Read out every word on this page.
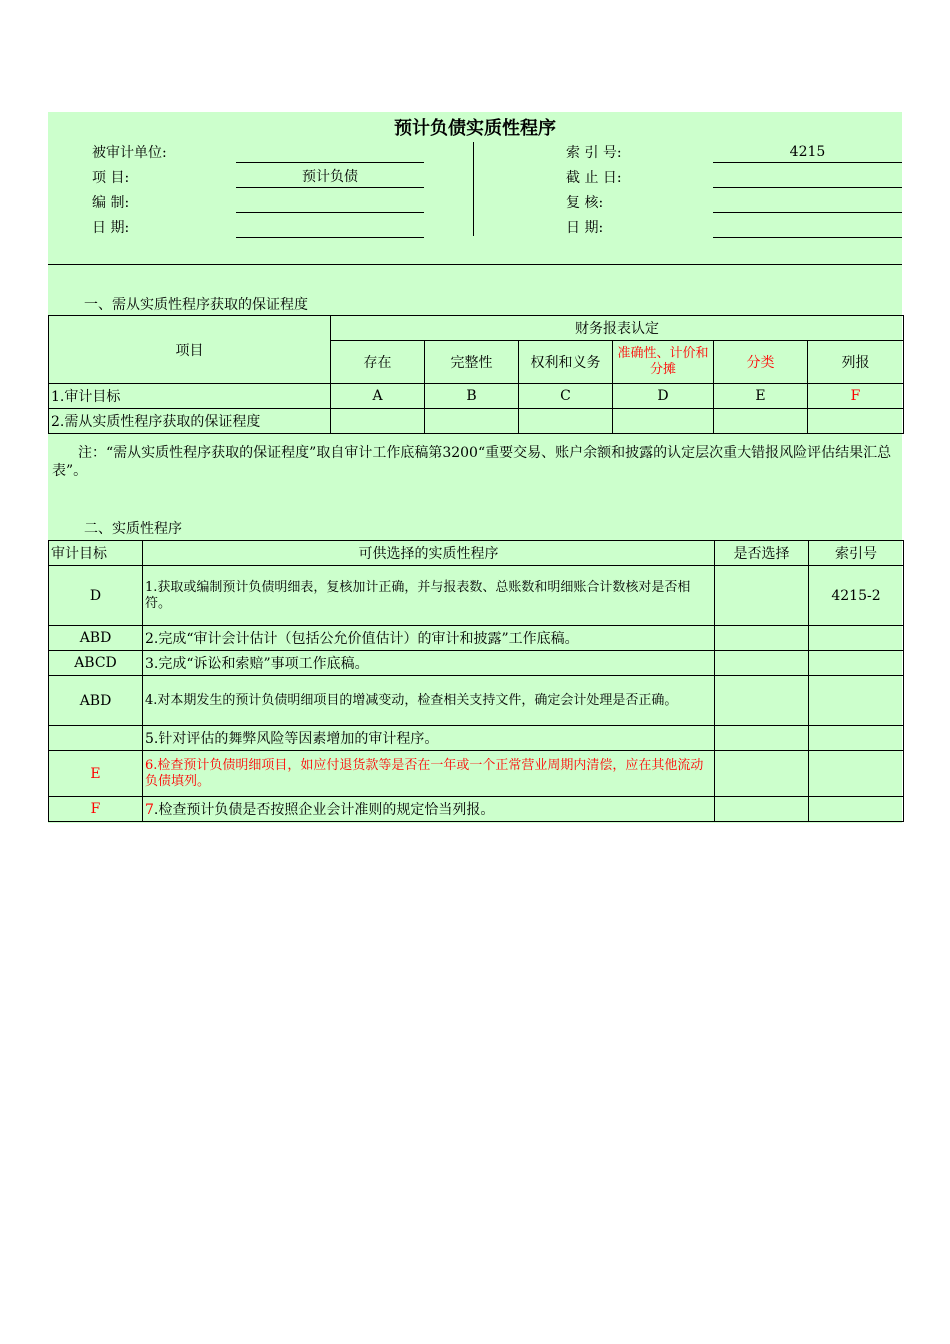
预计负债实质性程序
被审计单位:
项 目:	预计负债
编 制:
日 期:
索 引 号:	4215
截 止 日:
复 核:
日 期:
一、需从实质性程序获取的保证程度
项目	财务报表认定					
	存在	完整性	权利和义务	准确性、计价和分摊	分类	列报
1.审计目标	A	B	C	D	E	F
2.需从实质性程序获取的保证程度						
注：“需从实质性程序获取的保证程度”取自审计工作底稿第3200“重要交易、账户余额和披露的认定层次重大错报风险评估结果汇总表”。
二、实质性程序
审计目标	可供选择的实质性程序	是否选择	索引号
D	1.获取或编制预计负债明细表，复核加计正确，并与报表数、总账数和明细账合计数核对是否相符。		4215-2
ABD	2.完成“审计会计估计（包括公允价值估计）的审计和披露”工作底稿。		
ABCD	3.完成“诉讼和索赔”事项工作底稿。		
ABD	4.对本期发生的预计负债明细项目的增减变动，检查相关支持文件，确定会计处理是否正确。		
	5.针对评估的舞弊风险等因素增加的审计程序。		
E	6.检查预计负债明细项目，如应付退货款等是否在一年或一个正常营业周期内清偿，应在其他流动负债填列。		
F	7.检查预计负债是否按照企业会计准则的规定恰当列报。		
